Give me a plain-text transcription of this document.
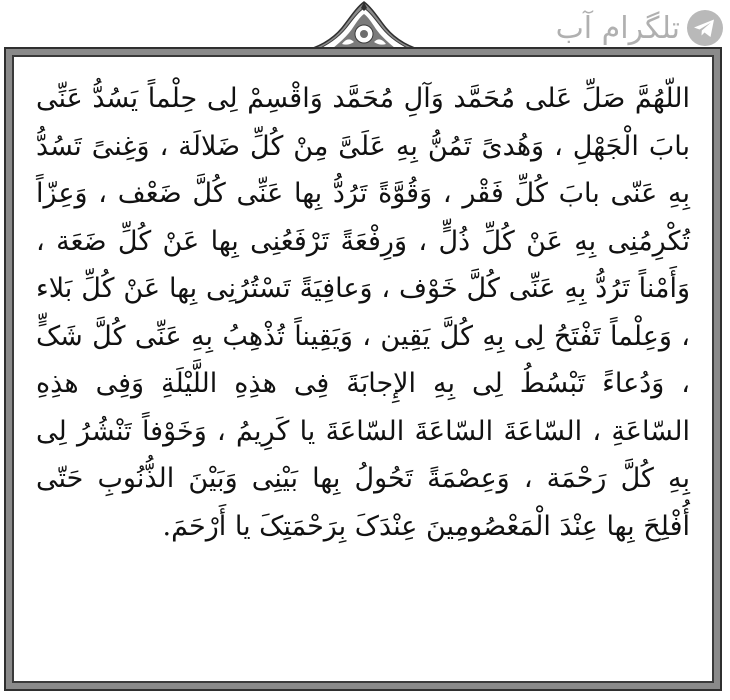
تلگرام آب
اللّهُمَّ صَلِّ عَلی مُحَمَّد وَآلِ مُحَمَّد وَاقْسِمْ لِی حِلْماً یَسُدُّ عَنِّی بابَ الْجَهْلِ ، وَهُدیً تَمُنُّ بِهِ عَلَیَّ مِنْ کُلِّ ضَلالَة ، وَغِنیً تَسُدُّ بِهِ عَنّی بابَ کُلِّ فَقْر ، وَقُوَّةً تَرُدُّ بِها عَنِّی کُلَّ ضَعْف ، وَعِزّاً تُکْرِمُنِی بِهِ عَنْ کُلِّ ذُلٍّ ، وَرِفْعَةً تَرْفَعُنِی بِها عَنْ کُلِّ ضَعَة ، وَأَمْناً تَرُدُّ بِهِ عَنِّی کُلَّ خَوْف ، وَعافِیَةً تَسْتُرُنِی بِها عَنْ کُلِّ بَلاء ، وَعِلْماً تَفْتَحُ لِی بِهِ کُلَّ یَقِین ، وَیَقِیناً تُذْهِبُ بِهِ عَنِّی کُلَّ شَکٍّ ، وَدُعاءً تَبْسُطُ لِی بِهِ الإِجابَةَ فِی هذِهِ اللَّیْلَةِ وَفِی هذِهِ السّاعَةِ ، السّاعَةَ السّاعَةَ السّاعَةَ یا کَرِیمُ ، وَخَوْفاً تَنْشُرُ لِی بِهِ کُلَّ رَحْمَة ، وَعِصْمَةً تَحُولُ بِها بَیْنِی وَبَیْنَ الذُّنُوبِ حَتّی أُفْلِحَ بِها عِنْدَ الْمَعْصُومِینَ عِنْدَکَ بِرَحْمَتِکَ یا أَرْحَمَ.
